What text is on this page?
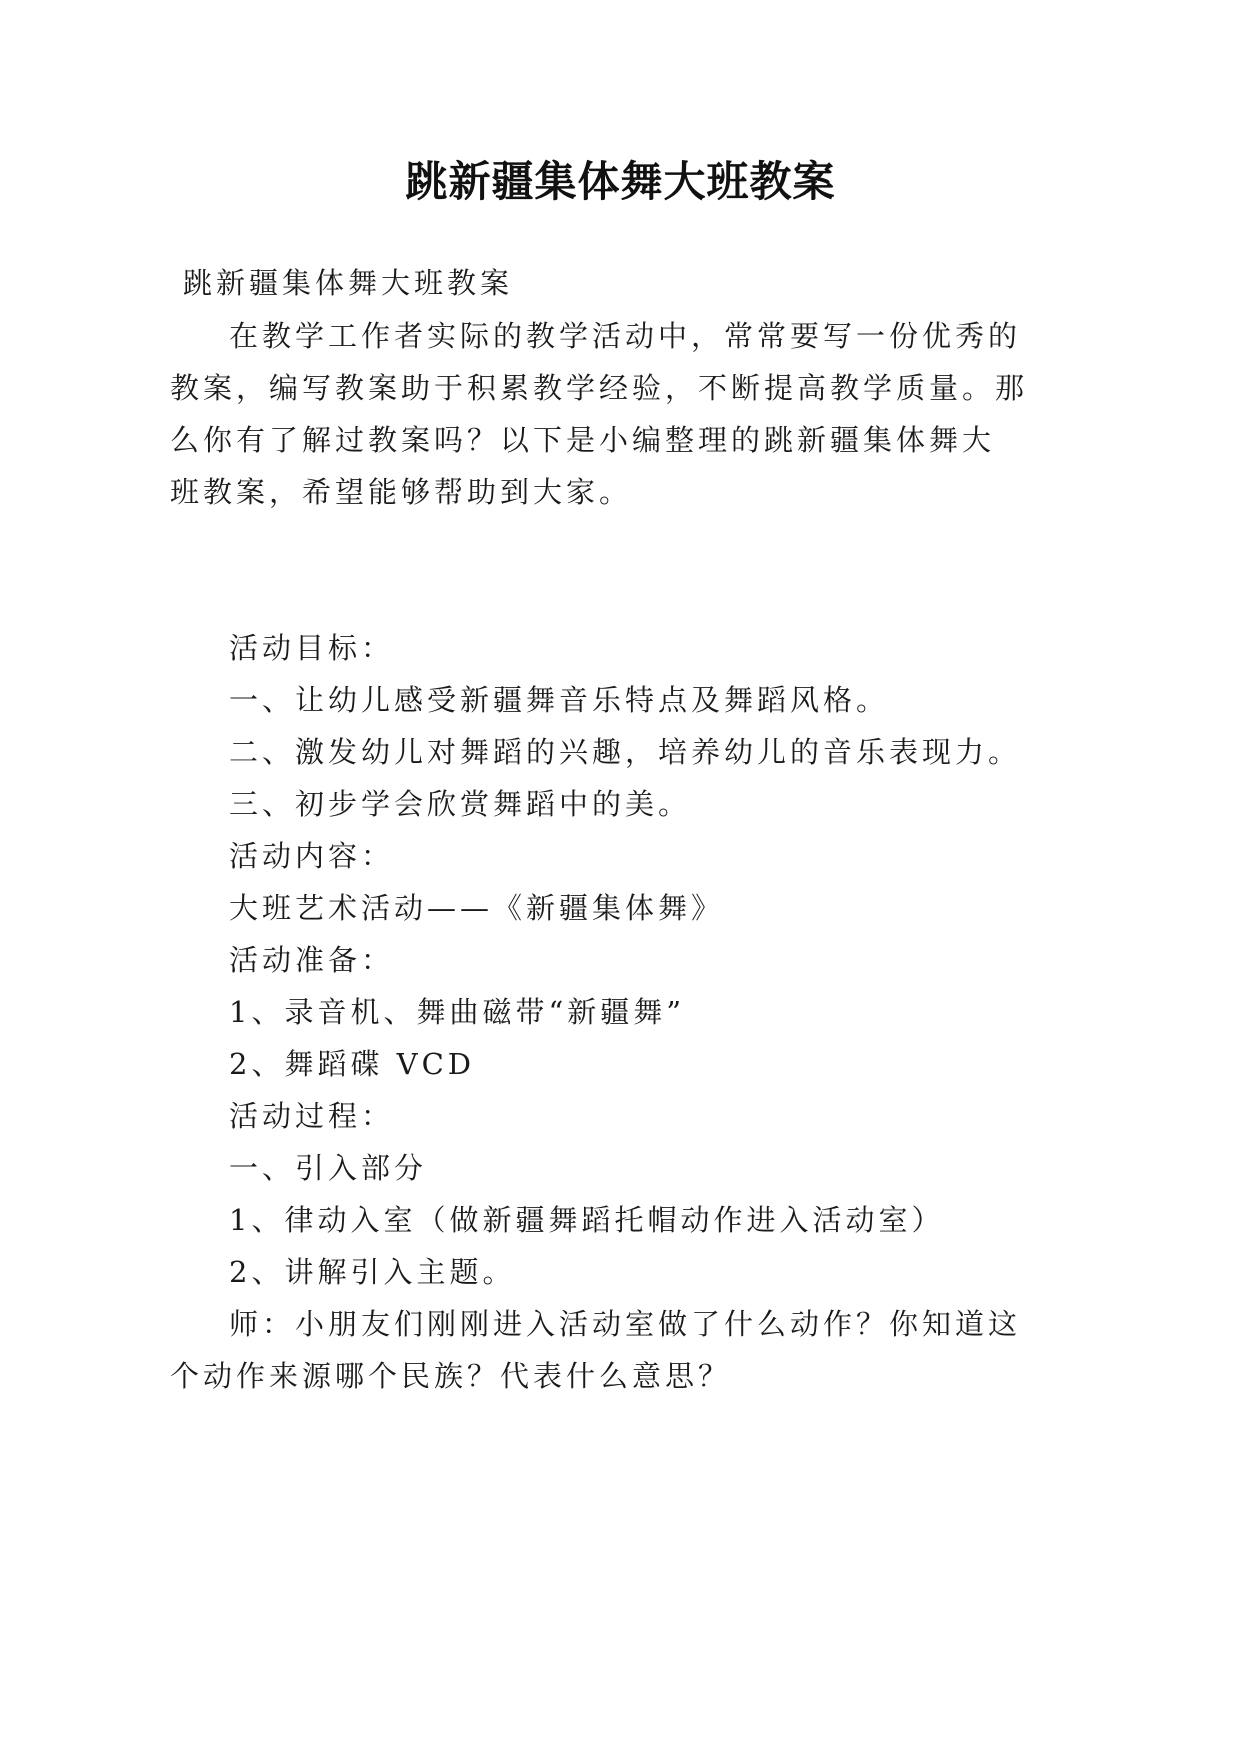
跳新疆集体舞大班教案
跳新疆集体舞大班教案
在教学工作者实际的教学活动中，常常要写一份优秀的
教案，编写教案助于积累教学经验，不断提高教学质量。那
么你有了解过教案吗？以下是小编整理的跳新疆集体舞大
班教案，希望能够帮助到大家。
活动目标：
一、让幼儿感受新疆舞音乐特点及舞蹈风格。
二、激发幼儿对舞蹈的兴趣，培养幼儿的音乐表现力。
三、初步学会欣赏舞蹈中的美。
活动内容：
大班艺术活动——《新疆集体舞》
活动准备：
1、录音机、舞曲磁带“新疆舞”
2、舞蹈碟 VCD
活动过程：
一、引入部分
1、律动入室（做新疆舞蹈托帽动作进入活动室）
2、讲解引入主题。
师：小朋友们刚刚进入活动室做了什么动作？你知道这
个动作来源哪个民族？代表什么意思？
